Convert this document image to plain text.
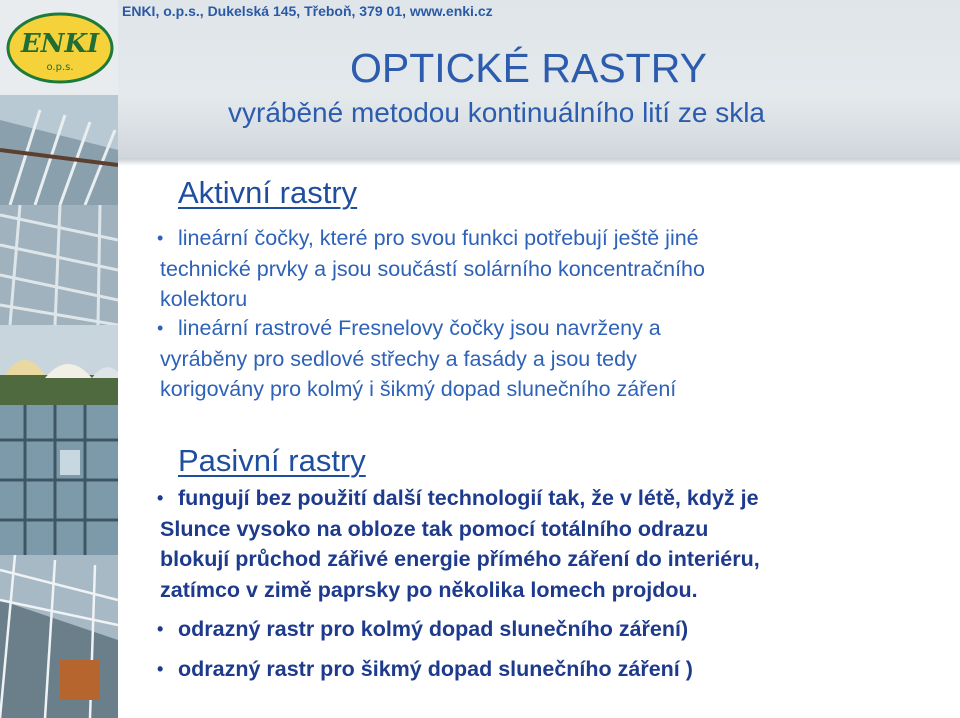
ENKI
o.p.s.
ENKI, o.p.s., Dukelská 145, Třeboň, 379 01, www.enki.cz
OPTICKÉ RASTRY
vyráběné metodou kontinuálního lití ze skla
Aktivní rastry
• lineární čočky, které pro svou funkci potřebují ještě jiné
technické prvky a jsou součástí solárního koncentračního
kolektoru
• lineární rastrové Fresnelovy čočky jsou navrženy a
vyráběny pro sedlové střechy a fasády a jsou tedy
korigovány pro kolmý i šikmý dopad slunečního záření
Pasivní rastry
• fungují bez použití další technologií tak, že v létě, když je
Slunce vysoko na obloze tak pomocí totálního odrazu
blokují průchod zářivé energie přímého záření do interiéru,
zatímco v zimě paprsky po několika lomech projdou.
• odrazný rastr pro kolmý dopad slunečního záření)
• odrazný rastr pro šikmý dopad slunečního záření )
